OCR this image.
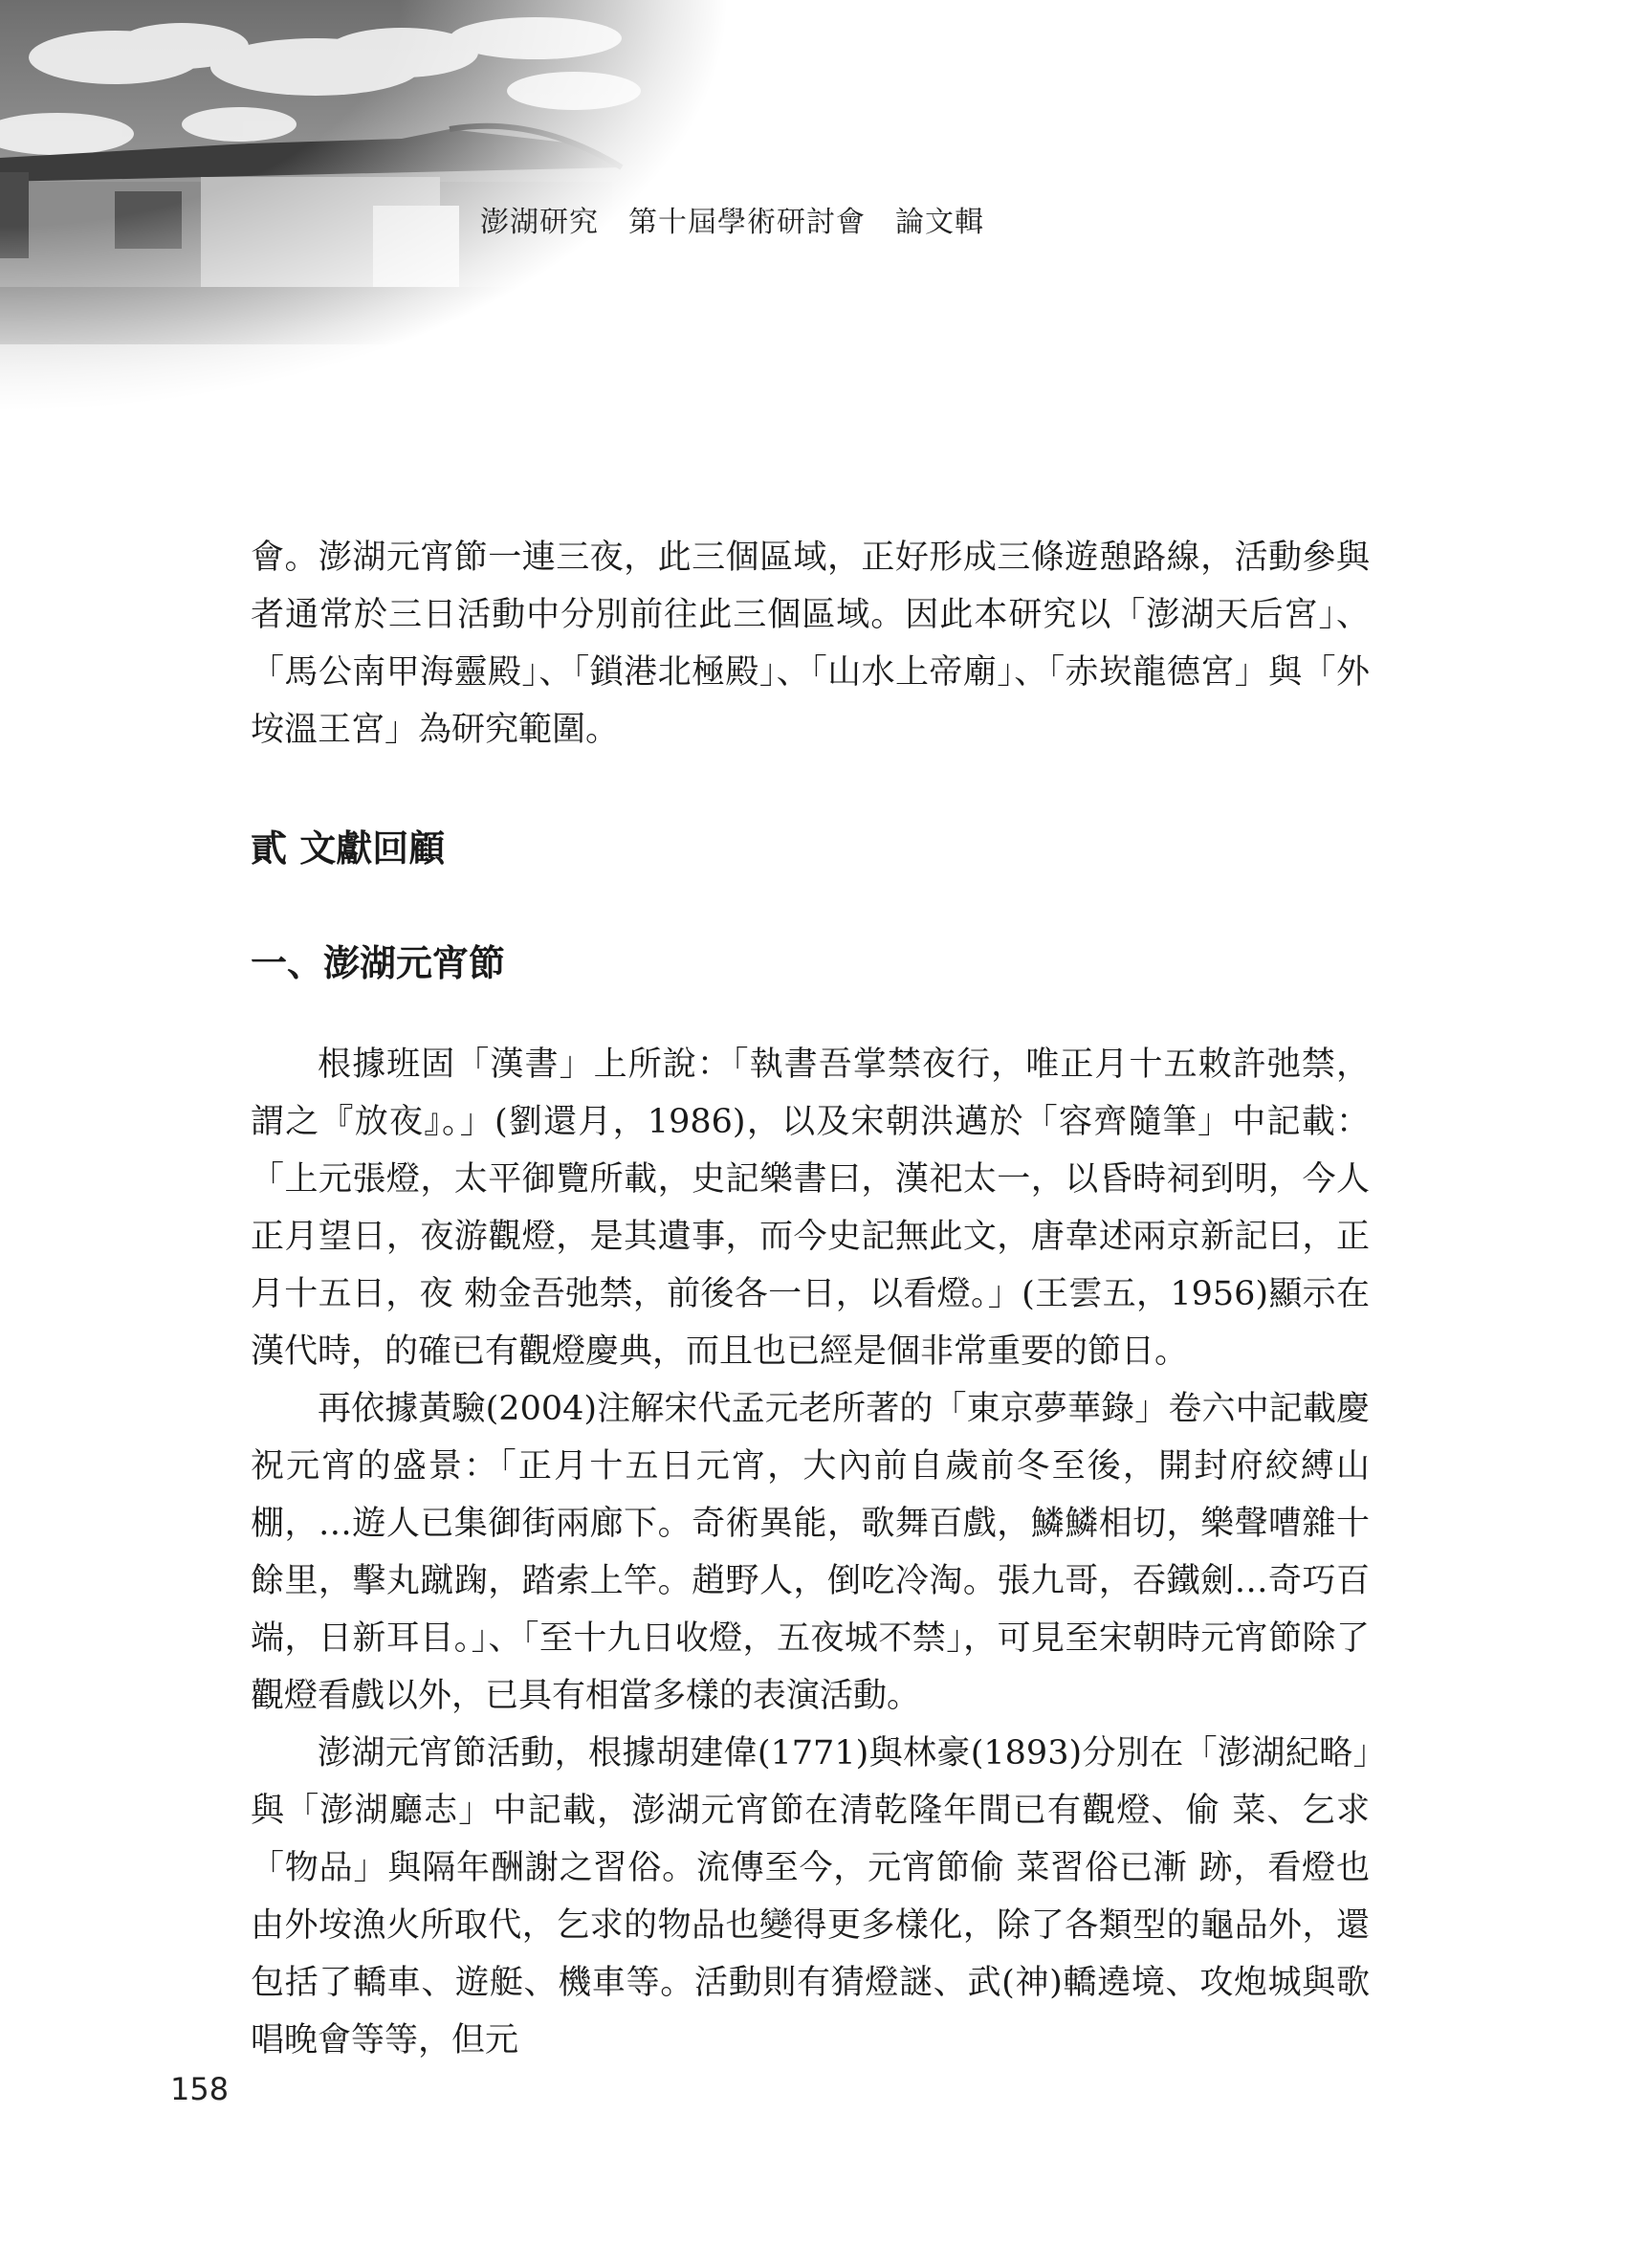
澎湖研究　第十屆學術研討會　論文輯

會。澎湖元宵節一連三夜，此三個區域，正好形成三條遊憩路線，活動參與者通常於三日活動中分別前往此三個區域。因此本研究以「澎湖天后宮」、「馬公南甲海靈殿」、「鎖港北極殿」、「山水上帝廟」、「赤崁龍德宮」與「外垵溫王宮」為研究範圍。

貳 文獻回顧
一、澎湖元宵節

根據班固「漢書」上所說：「執書吾掌禁夜行，唯正月十五敕許弛禁，謂之『放夜』。」(劉還月，1986)，以及宋朝洪邁於「容齊隨筆」中記載：「上元張燈，太平御覽所載，史記樂書曰，漢祀太一，以昏時祠到明，今人正月望日，夜游觀燈，是其遺事，而今史記無此文，唐韋述兩京新記曰，正月十五日，夜 勑金吾弛禁，前後各一日，以看燈。」(王雲五，1956)顯示在漢代時，的確已有觀燈慶典，而且也已經是個非常重要的節日。

再依據黃驗(2004)注解宋代孟元老所著的「東京夢華錄」卷六中記載慶祝元宵的盛景：「正月十五日元宵，大內前自歲前冬至後，開封府絞縛山棚，…遊人已集御街兩廊下。奇術異能，歌舞百戲，鱗鱗相切，樂聲嘈雜十餘里，擊丸蹴踘，踏索上竿。趙野人，倒吃冷淘。張九哥，吞鐵劍…奇巧百端，日新耳目。」、「至十九日收燈，五夜城不禁」，可見至宋朝時元宵節除了觀燈看戲以外，已具有相當多樣的表演活動。

澎湖元宵節活動，根據胡建偉(1771)與林豪(1893)分別在「澎湖紀略」與「澎湖廳志」中記載，澎湖元宵節在清乾隆年間已有觀燈、偷 菜、乞求「物品」與隔年酬謝之習俗。流傳至今，元宵節偷 菜習俗已漸 跡，看燈也由外垵漁火所取代，乞求的物品也變得更多樣化，除了各類型的龜品外，還包括了轎車、遊艇、機車等。活動則有猜燈謎、武(神)轎遶境、攻炮城與歌唱晚會等等，但元

158
